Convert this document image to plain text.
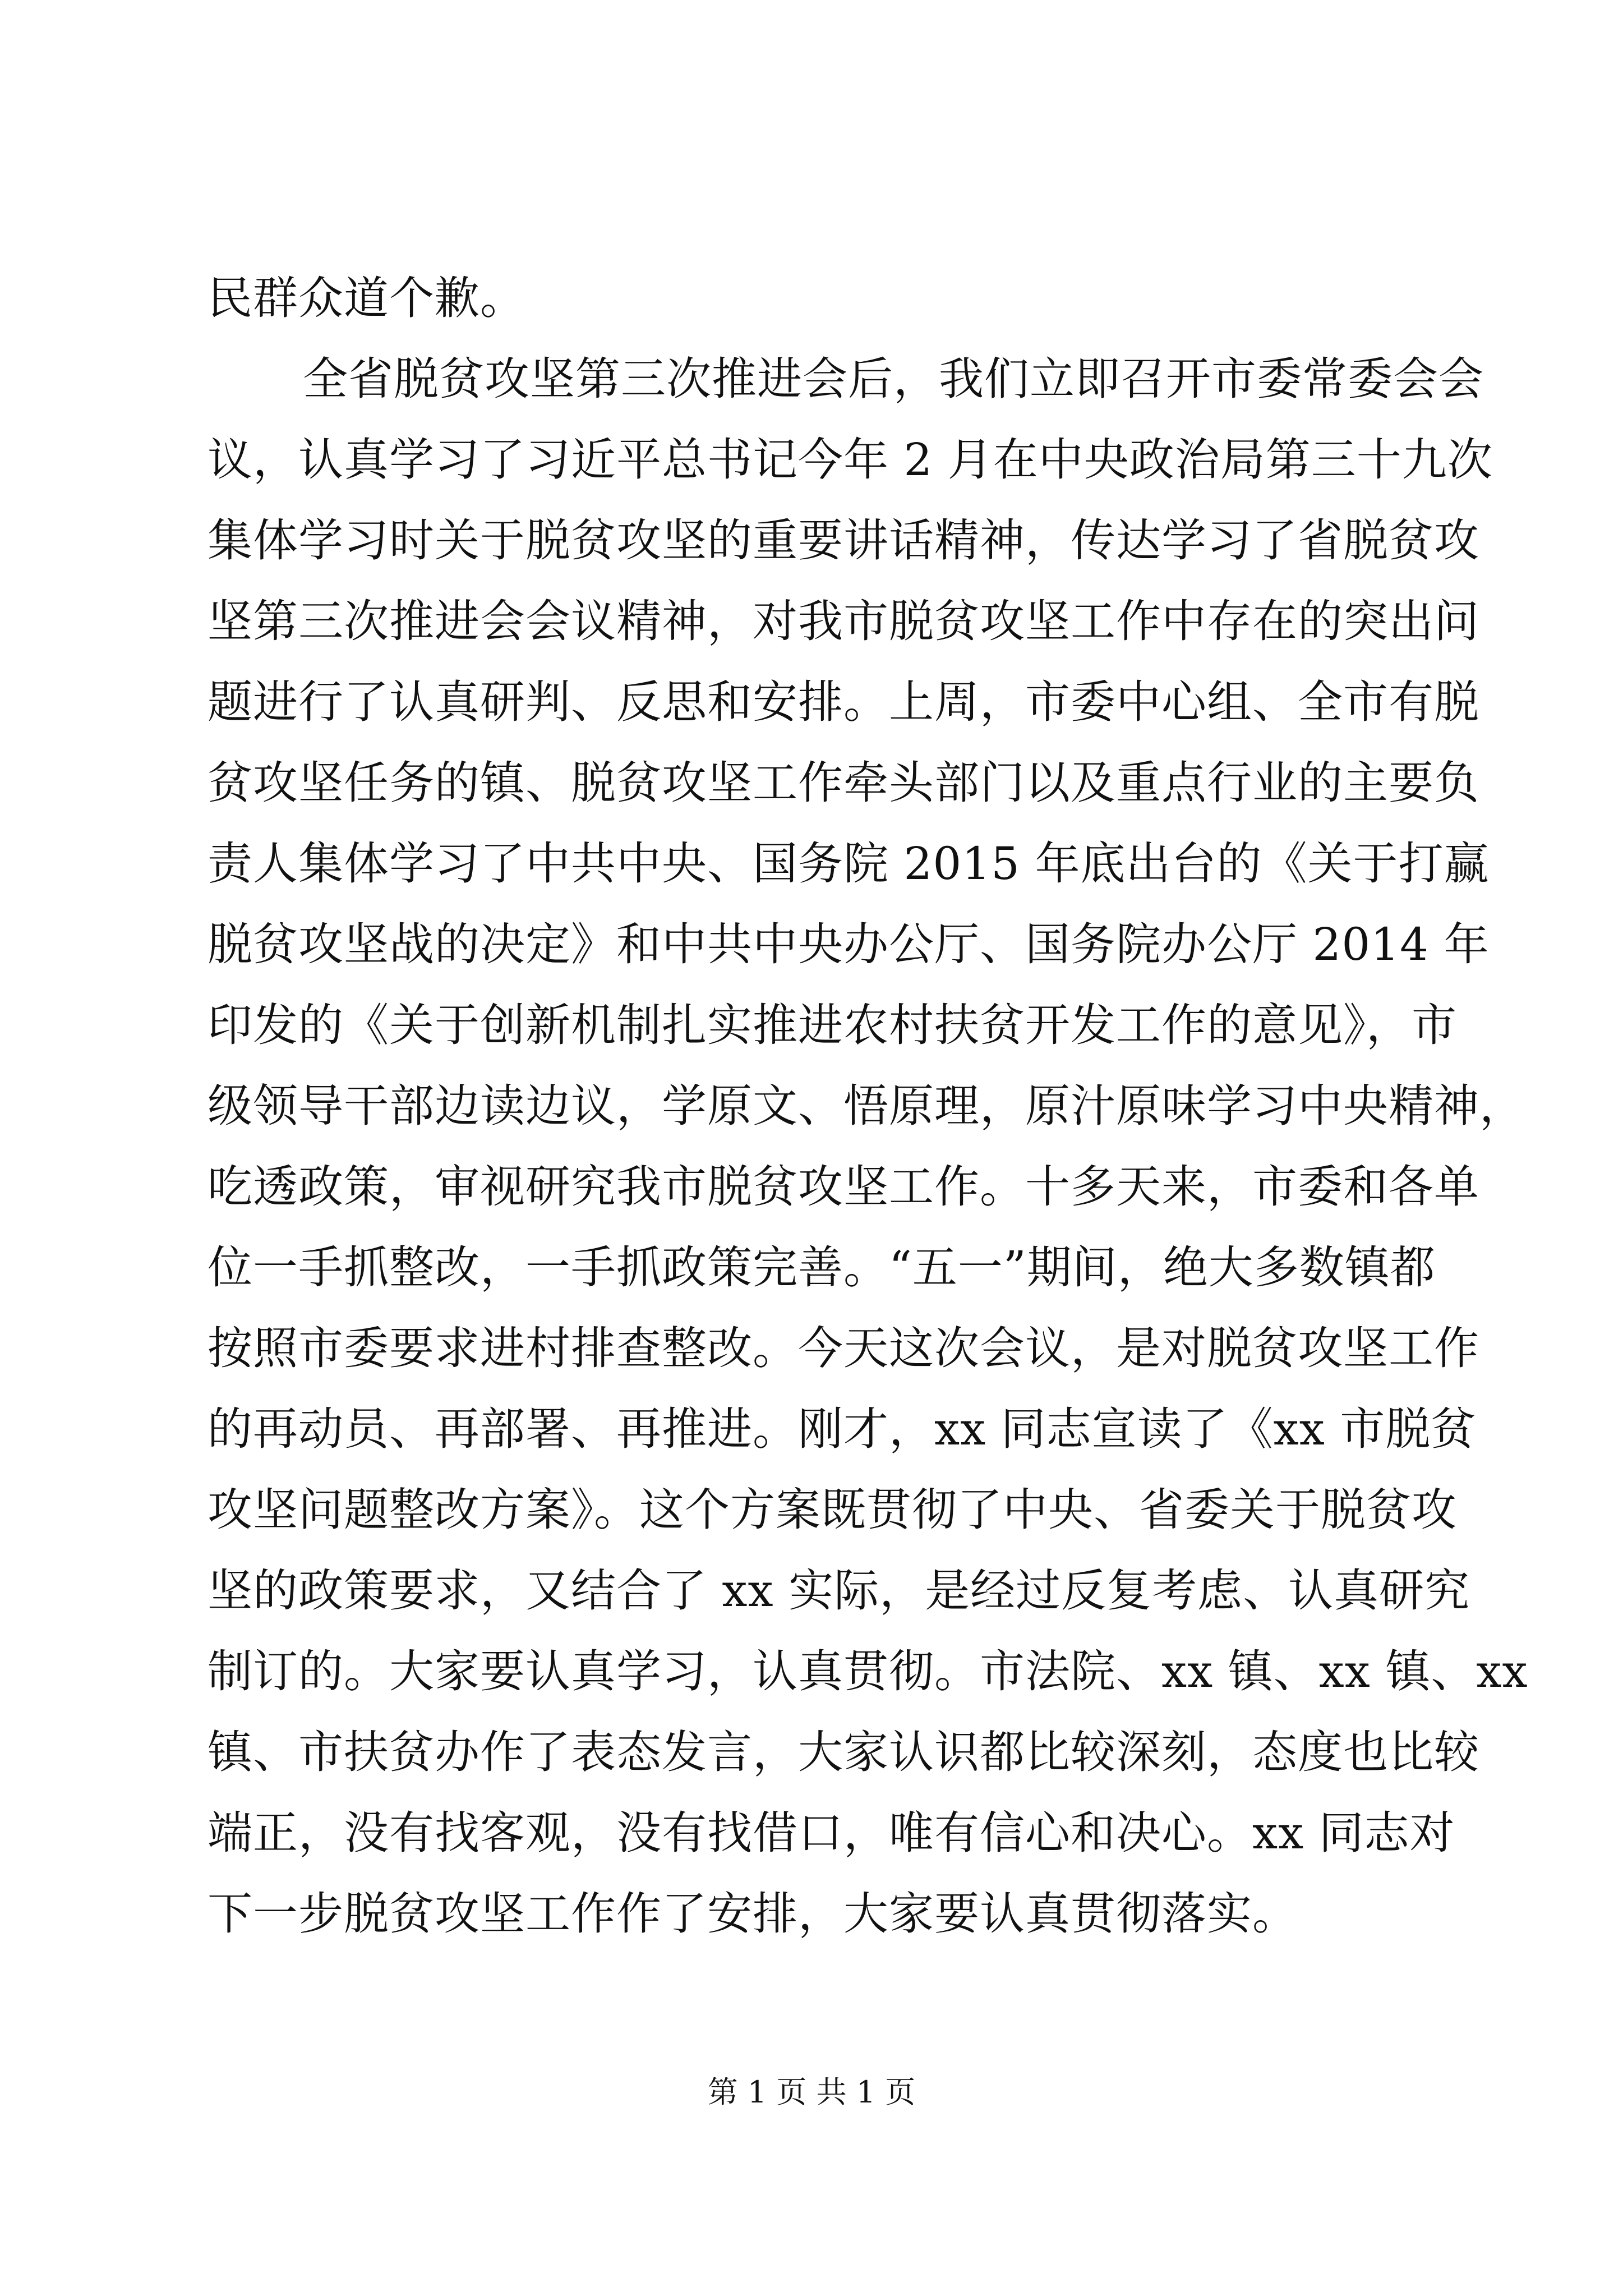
民群众道个歉。
全省脱贫攻坚第三次推进会后，我们立即召开市委常委会会
议，认真学习了习近平总书记今年 2 月在中央政治局第三十九次
集体学习时关于脱贫攻坚的重要讲话精神，传达学习了省脱贫攻
坚第三次推进会会议精神，对我市脱贫攻坚工作中存在的突出问
题进行了认真研判、反思和安排。上周，市委中心组、全市有脱
贫攻坚任务的镇、脱贫攻坚工作牵头部门以及重点行业的主要负
责人集体学习了中共中央、国务院 2015 年底出台的《关于打赢
脱贫攻坚战的决定》和中共中央办公厅、国务院办公厅 2014 年
印发的《关于创新机制扎实推进农村扶贫开发工作的意见》，市
级领导干部边读边议，学原文、悟原理，原汁原味学习中央精神，
吃透政策，审视研究我市脱贫攻坚工作。十多天来，市委和各单
位一手抓整改，一手抓政策完善。“五一”期间，绝大多数镇都
按照市委要求进村排查整改。今天这次会议，是对脱贫攻坚工作
的再动员、再部署、再推进。刚才，xx 同志宣读了《xx 市脱贫
攻坚问题整改方案》。这个方案既贯彻了中央、省委关于脱贫攻
坚的政策要求，又结合了 xx 实际，是经过反复考虑、认真研究
制订的。大家要认真学习，认真贯彻。市法院、xx 镇、xx 镇、xx
镇、市扶贫办作了表态发言，大家认识都比较深刻，态度也比较
端正，没有找客观，没有找借口，唯有信心和决心。xx 同志对
下一步脱贫攻坚工作作了安排，大家要认真贯彻落实。
第 1 页 共 1 页
